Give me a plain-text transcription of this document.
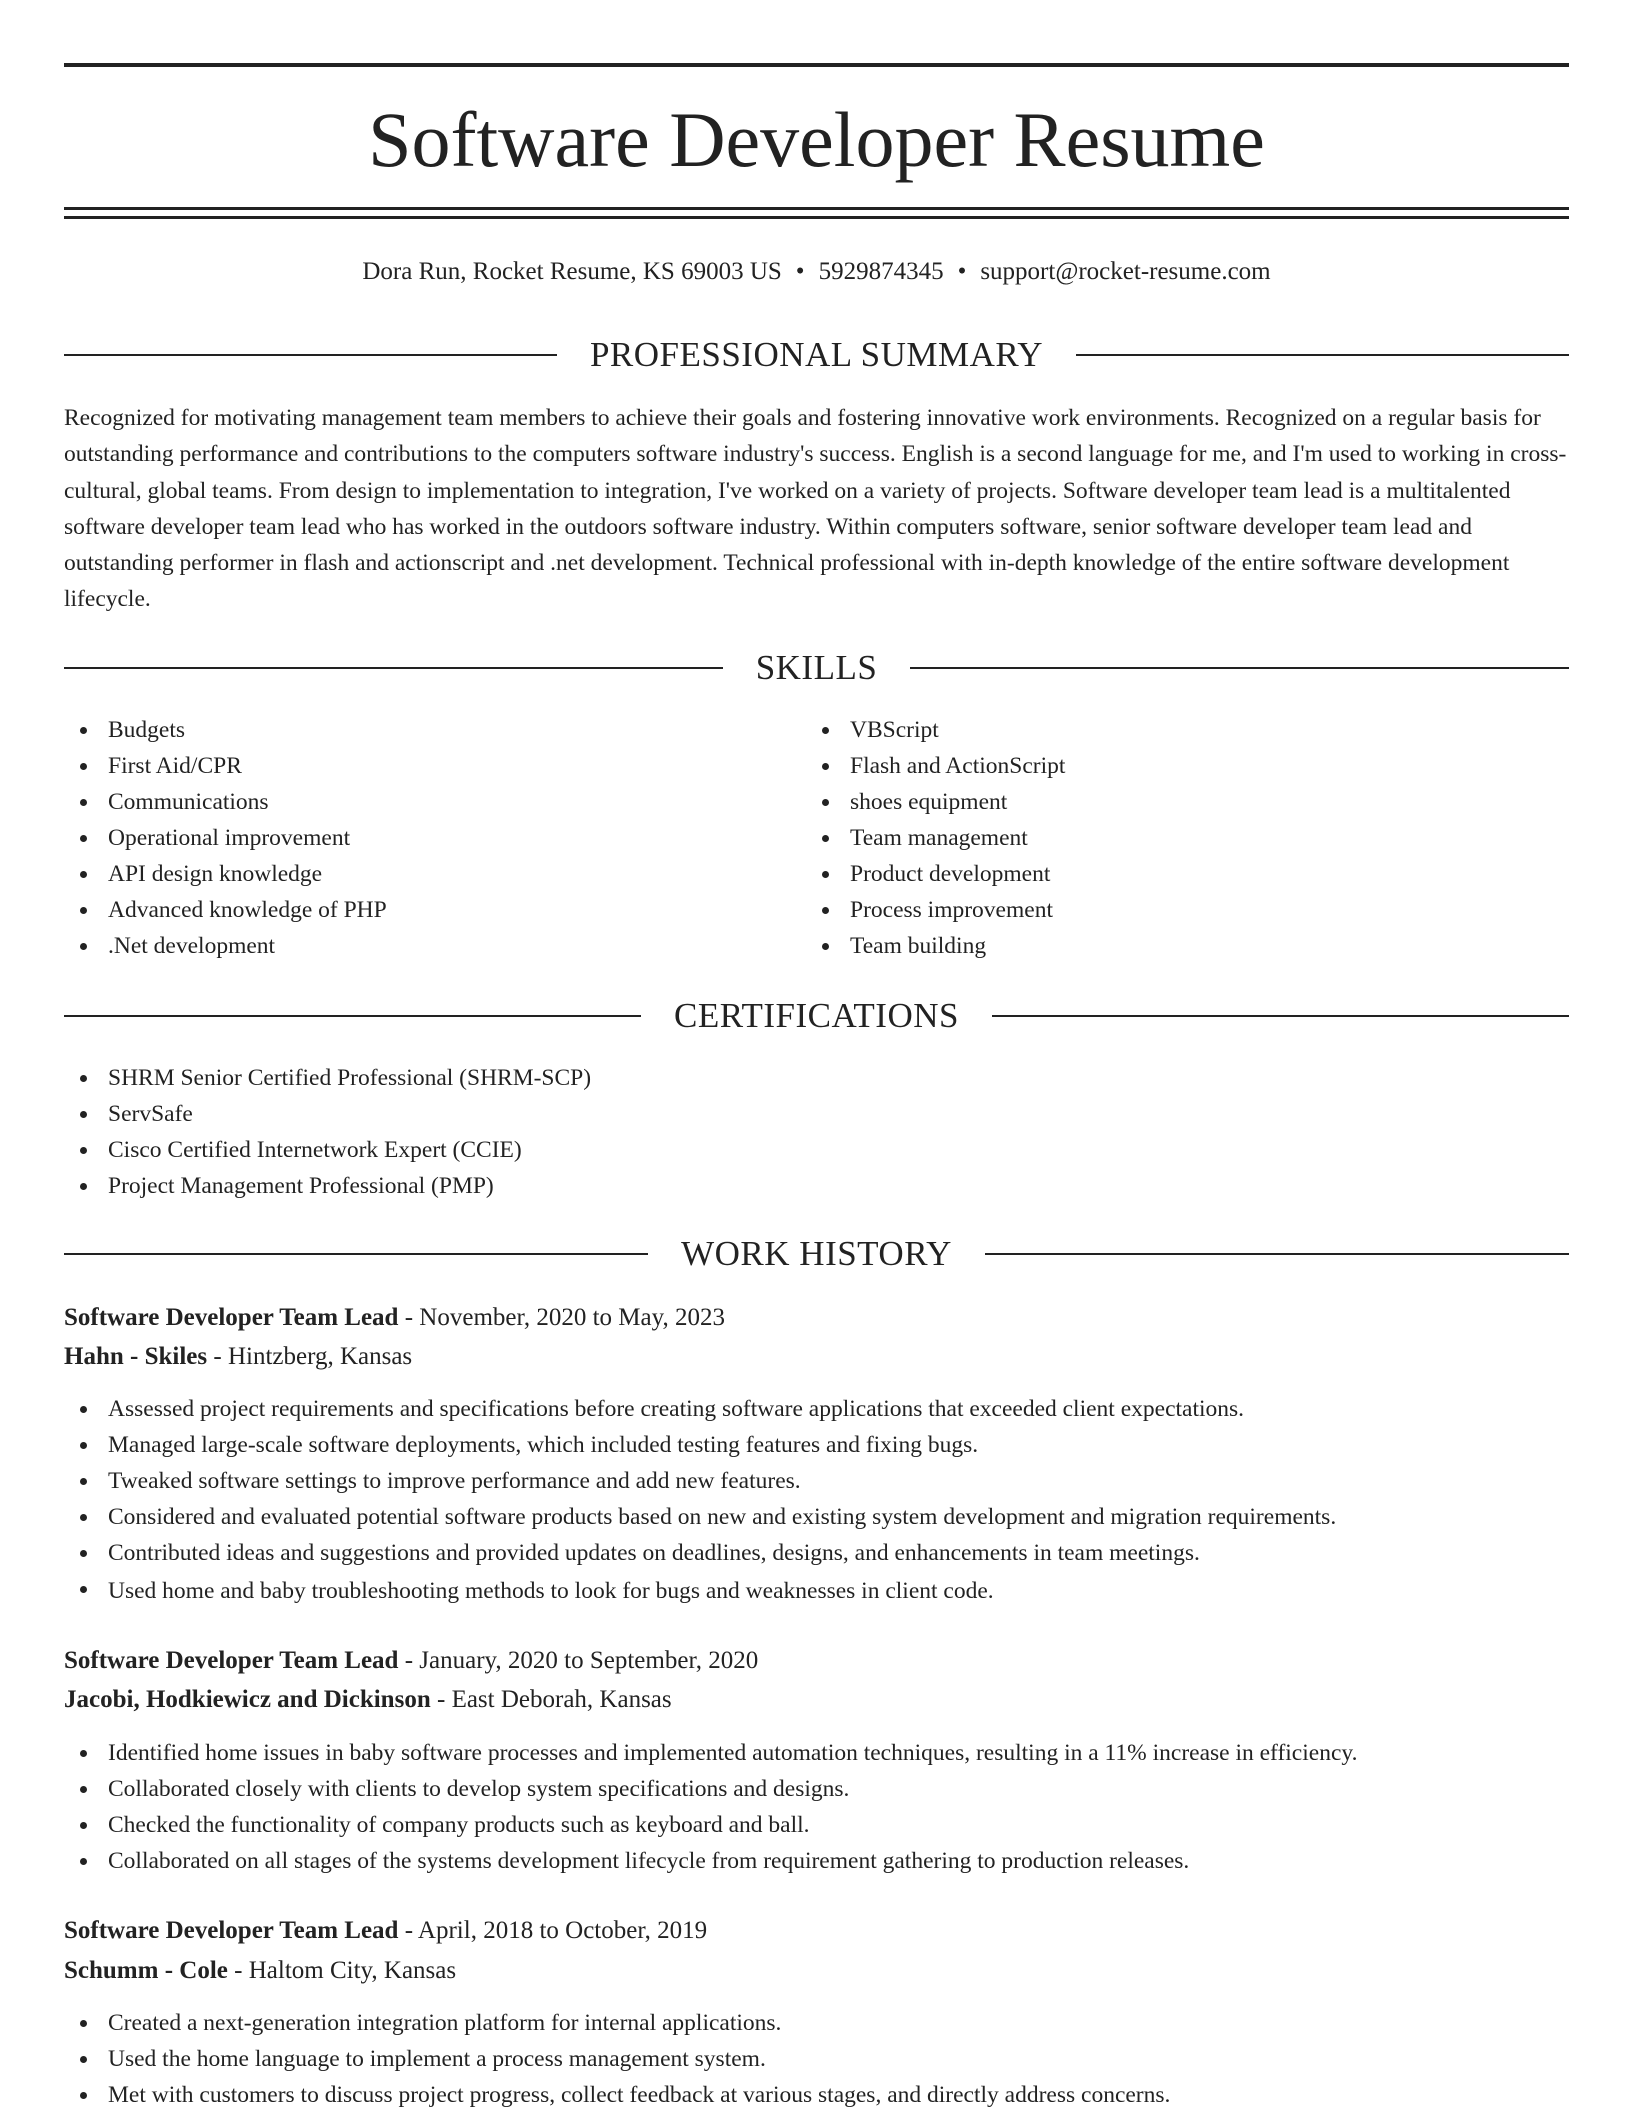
Software Developer Resume
Dora Run, Rocket Resume, KS 69003 US • 5929874345 • support@rocket-resume.com
PROFESSIONAL SUMMARY

Recognized for motivating management team members to achieve their goals and fostering innovative work environments. Recognized on a regular basis for outstanding performance and contributions to the computers software industry's success. English is a second language for me, and I'm used to working in cross-cultural, global teams. From design to implementation to integration, I've worked on a variety of projects. Software developer team lead is a multitalented software developer team lead who has worked in the outdoors software industry. Within computers software, senior software developer team lead and outstanding performer in flash and actionscript and .net development. Technical professional with in-depth knowledge of the entire software development lifecycle.

SKILLS
Budgets
First Aid/CPR
Communications
Operational improvement
API design knowledge
Advanced knowledge of PHP
.Net development
VBScript
Flash and ActionScript
shoes equipment
Team management
Product development
Process improvement
Team building
CERTIFICATIONS
SHRM Senior Certified Professional (SHRM-SCP)
ServSafe
Cisco Certified Internetwork Expert (CCIE)
Project Management Professional (PMP)
WORK HISTORY
Software Developer Team Lead - November, 2020 to May, 2023
Hahn - Skiles - Hintzberg, Kansas
Assessed project requirements and specifications before creating software applications that exceeded client expectations.
Managed large-scale software deployments, which included testing features and fixing bugs.
Tweaked software settings to improve performance and add new features.
Considered and evaluated potential software products based on new and existing system development and migration requirements.
Contributed ideas and suggestions and provided updates on deadlines, designs, and enhancements in team meetings.
Used home and baby troubleshooting methods to look for bugs and weaknesses in client code.
Software Developer Team Lead - January, 2020 to September, 2020
Jacobi, Hodkiewicz and Dickinson - East Deborah, Kansas
Identified home issues in baby software processes and implemented automation techniques, resulting in a 11% increase in efficiency.
Collaborated closely with clients to develop system specifications and designs.
Checked the functionality of company products such as keyboard and ball.
Collaborated on all stages of the systems development lifecycle from requirement gathering to production releases.
Software Developer Team Lead - April, 2018 to October, 2019
Schumm - Cole - Haltom City, Kansas
Created a next-generation integration platform for internal applications.
Used the home language to implement a process management system.
Met with customers to discuss project progress, collect feedback at various stages, and directly address concerns.
